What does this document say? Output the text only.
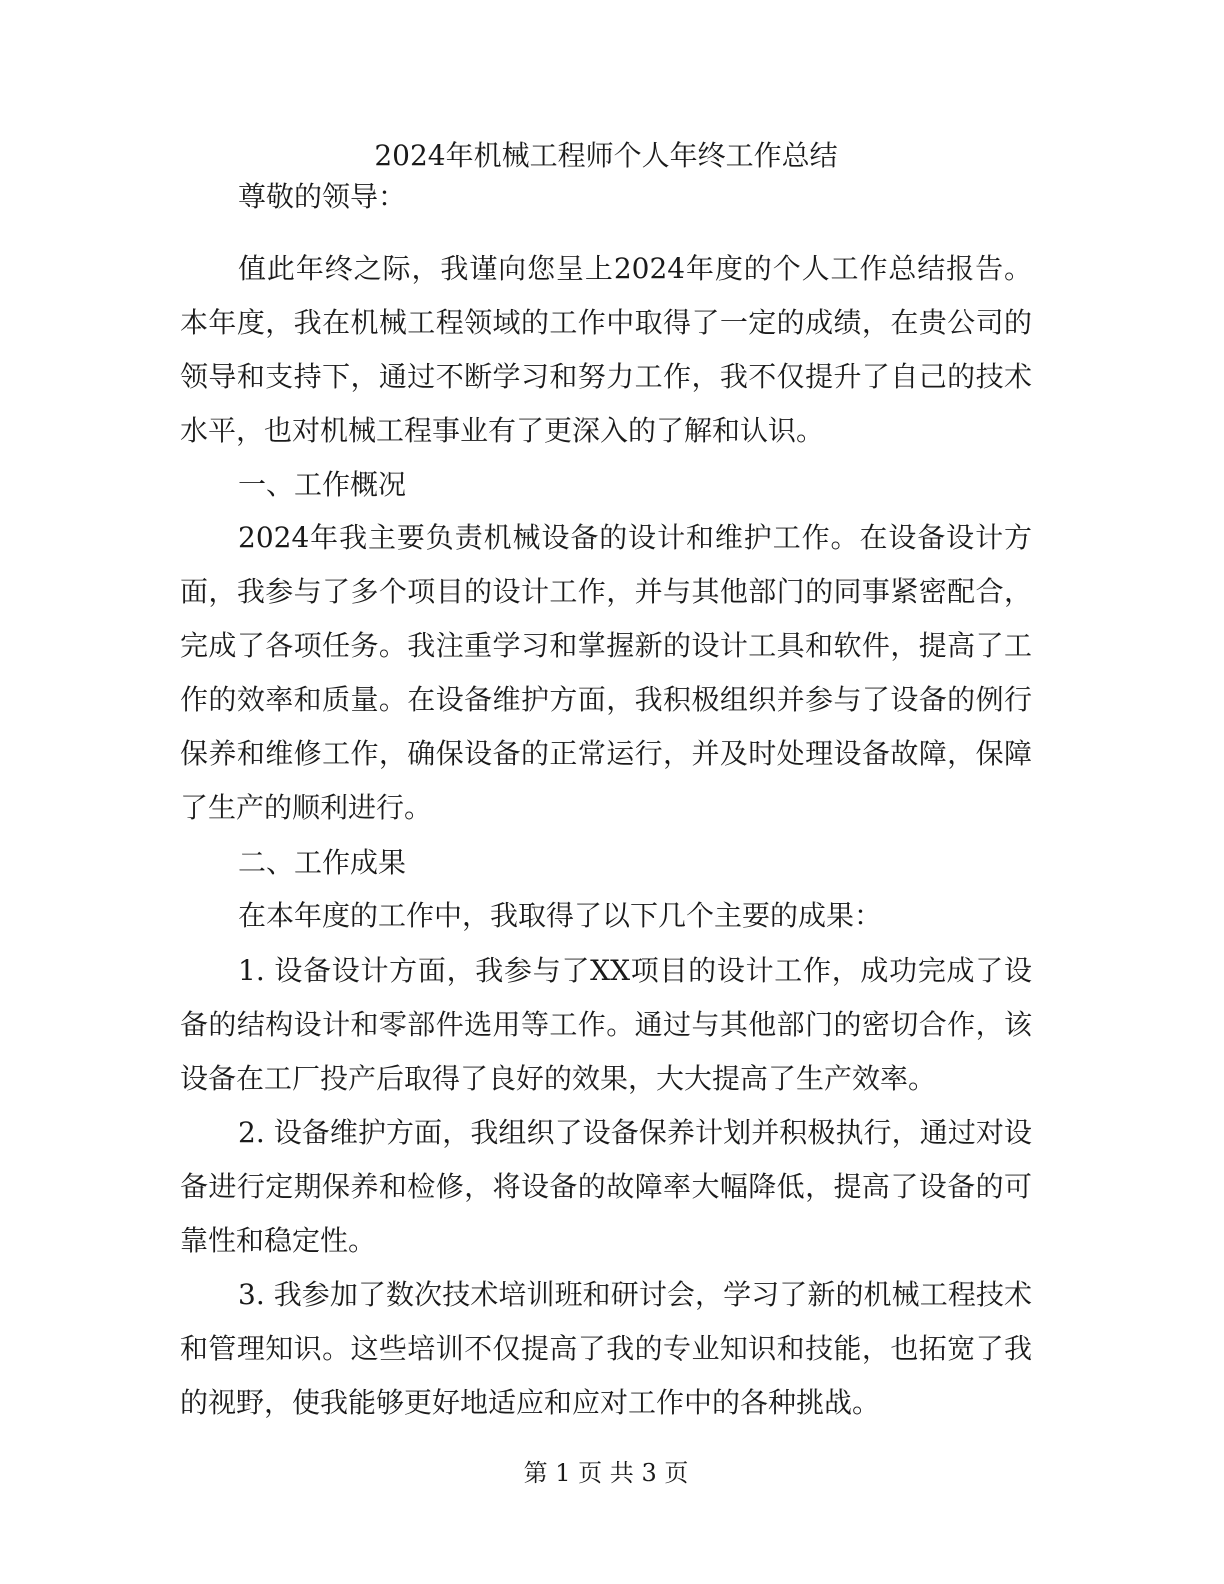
2024年机械工程师个人年终工作总结

尊敬的领导：

值此年终之际，我谨向您呈上2024年度的个人工作总结报告。本年度，我在机械工程领域的工作中取得了一定的成绩，在贵公司的领导和支持下，通过不断学习和努力工作，我不仅提升了自己的技术水平，也对机械工程事业有了更深入的了解和认识。

一、工作概况

2024年我主要负责机械设备的设计和维护工作。在设备设计方面，我参与了多个项目的设计工作，并与其他部门的同事紧密配合，完成了各项任务。我注重学习和掌握新的设计工具和软件，提高了工作的效率和质量。在设备维护方面，我积极组织并参与了设备的例行保养和维修工作，确保设备的正常运行，并及时处理设备故障，保障了生产的顺利进行。

二、工作成果

在本年度的工作中，我取得了以下几个主要的成果：

1. 设备设计方面，我参与了XX项目的设计工作，成功完成了设备的结构设计和零部件选用等工作。通过与其他部门的密切合作，该设备在工厂投产后取得了良好的效果，大大提高了生产效率。

2. 设备维护方面，我组织了设备保养计划并积极执行，通过对设备进行定期保养和检修，将设备的故障率大幅降低，提高了设备的可靠性和稳定性。

3. 我参加了数次技术培训班和研讨会，学习了新的机械工程技术和管理知识。这些培训不仅提高了我的专业知识和技能，也拓宽了我的视野，使我能够更好地适应和应对工作中的各种挑战。

第 1 页 共 3 页
